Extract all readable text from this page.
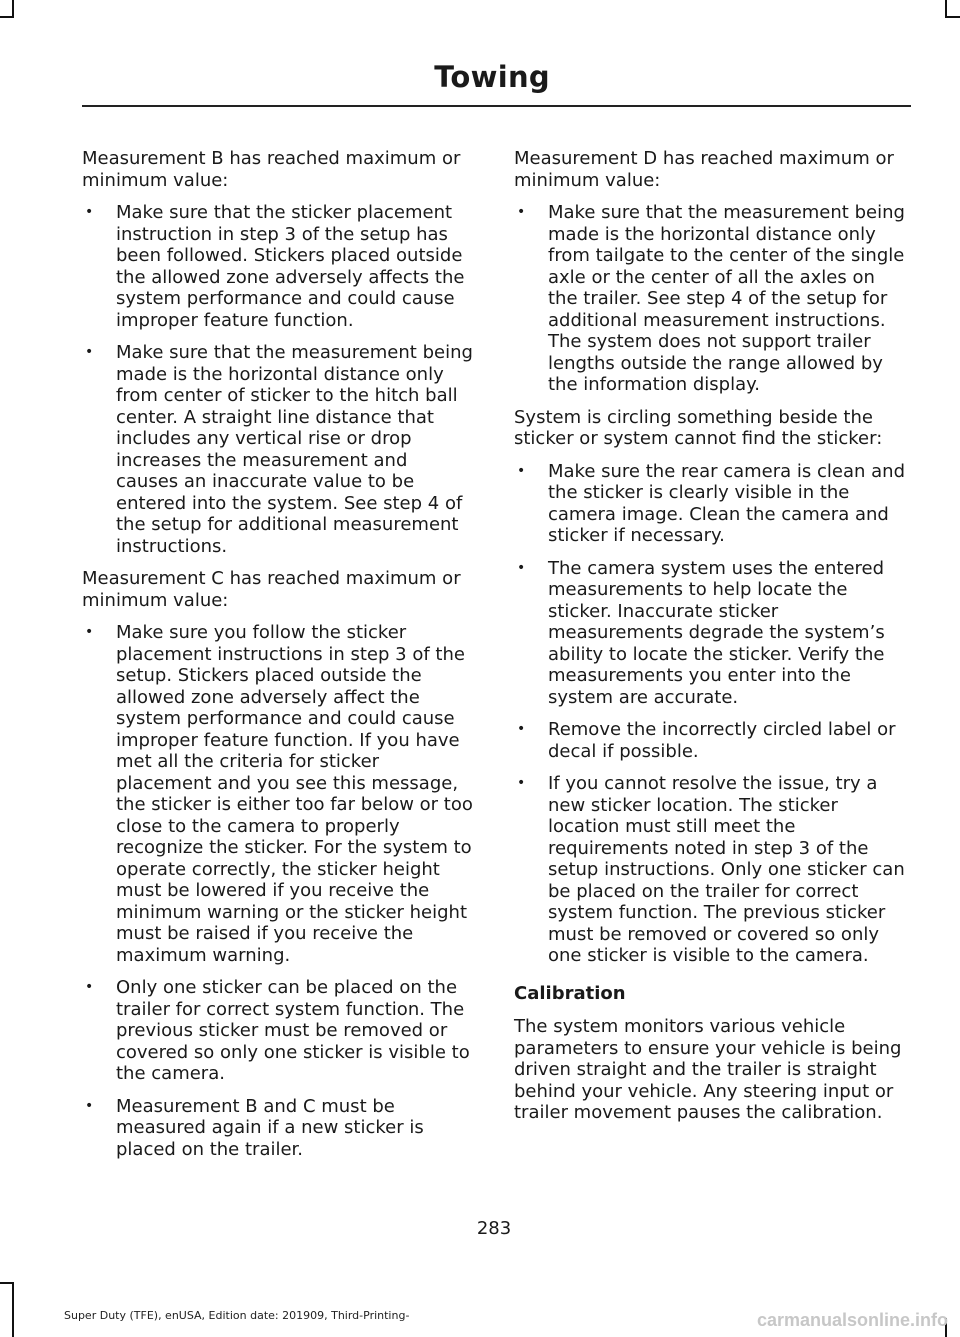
Towing

Measurement B has reached maximum or minimum value:

• Make sure that the sticker placement instruction in step 3 of the setup has been followed. Stickers placed outside the allowed zone adversely affects the system performance and could cause improper feature function.
• Make sure that the measurement being made is the horizontal distance only from center of sticker to the hitch ball center. A straight line distance that includes any vertical rise or drop increases the measurement and causes an inaccurate value to be entered into the system. See step 4 of the setup for additional measurement instructions.

Measurement C has reached maximum or minimum value:

• Make sure you follow the sticker placement instructions in step 3 of the setup. Stickers placed outside the allowed zone adversely affect the system performance and could cause improper feature function. If you have met all the criteria for sticker placement and you see this message, the sticker is either too far below or too close to the camera to properly recognize the sticker. For the system to operate correctly, the sticker height must be lowered if you receive the minimum warning or the sticker height must be raised if you receive the maximum warning.
• Only one sticker can be placed on the trailer for correct system function. The previous sticker must be removed or covered so only one sticker is visible to the camera.
• Measurement B and C must be measured again if a new sticker is placed on the trailer.

Measurement D has reached maximum or minimum value:

• Make sure that the measurement being made is the horizontal distance only from tailgate to the center of the single axle or the center of all the axles on the trailer. See step 4 of the setup for additional measurement instructions. The system does not support trailer lengths outside the range allowed by the information display.

System is circling something beside the sticker or system cannot find the sticker:

• Make sure the rear camera is clean and the sticker is clearly visible in the camera image. Clean the camera and sticker if necessary.
• The camera system uses the entered measurements to help locate the sticker. Inaccurate sticker measurements degrade the system’s ability to locate the sticker. Verify the measurements you enter into the system are accurate.
• Remove the incorrectly circled label or decal if possible.
• If you cannot resolve the issue, try a new sticker location. The sticker location must still meet the requirements noted in step 3 of the setup instructions. Only one sticker can be placed on the trailer for correct system function. The previous sticker must be removed or covered so only one sticker is visible to the camera.
Calibration

The system monitors various vehicle parameters to ensure your vehicle is being driven straight and the trailer is straight behind your vehicle. Any steering input or trailer movement pauses the calibration.

283
Super Duty (TFE), enUSA, Edition date: 201909, Third-Printing-	carmanualsonline.info
